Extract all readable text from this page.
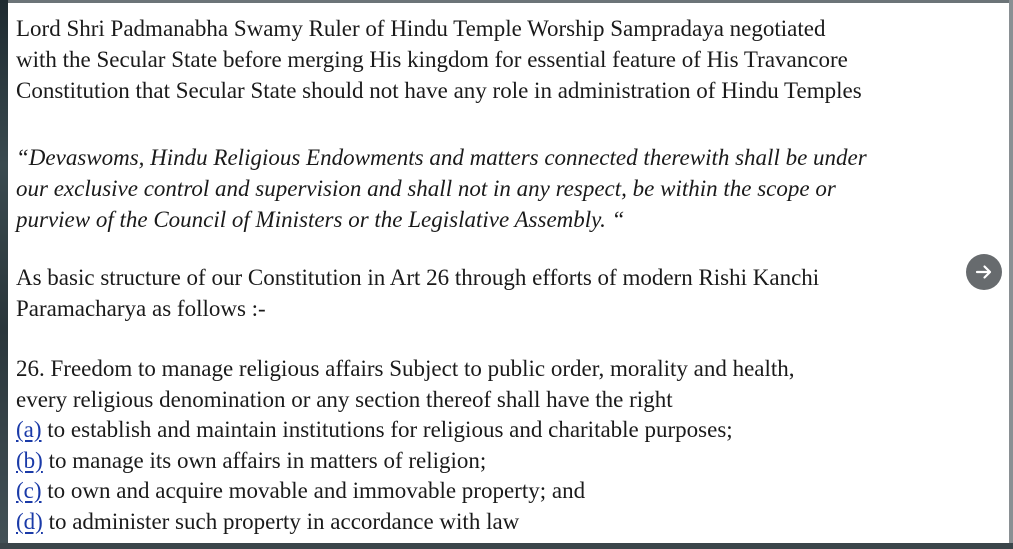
Lord Shri Padmanabha Swamy Ruler of Hindu Temple Worship Sampradaya negotiated
with the Secular State before merging His kingdom for essential feature of His Travancore
Constitution that Secular State should not have any role in administration of Hindu Temples
“Devaswoms, Hindu Religious Endowments and matters connected therewith shall be under
our exclusive control and supervision and shall not in any respect, be within the scope or
purview of the Council of Ministers or the Legislative Assembly. “
As basic structure of our Constitution in Art 26 through efforts of modern Rishi Kanchi
Paramacharya as follows :-
26. Freedom to manage religious affairs Subject to public order, morality and health,
every religious denomination or any section thereof shall have the right
(a) to establish and maintain institutions for religious and charitable purposes;
(b) to manage its own affairs in matters of religion;
(c) to own and acquire movable and immovable property; and
(d) to administer such property in accordance with law
